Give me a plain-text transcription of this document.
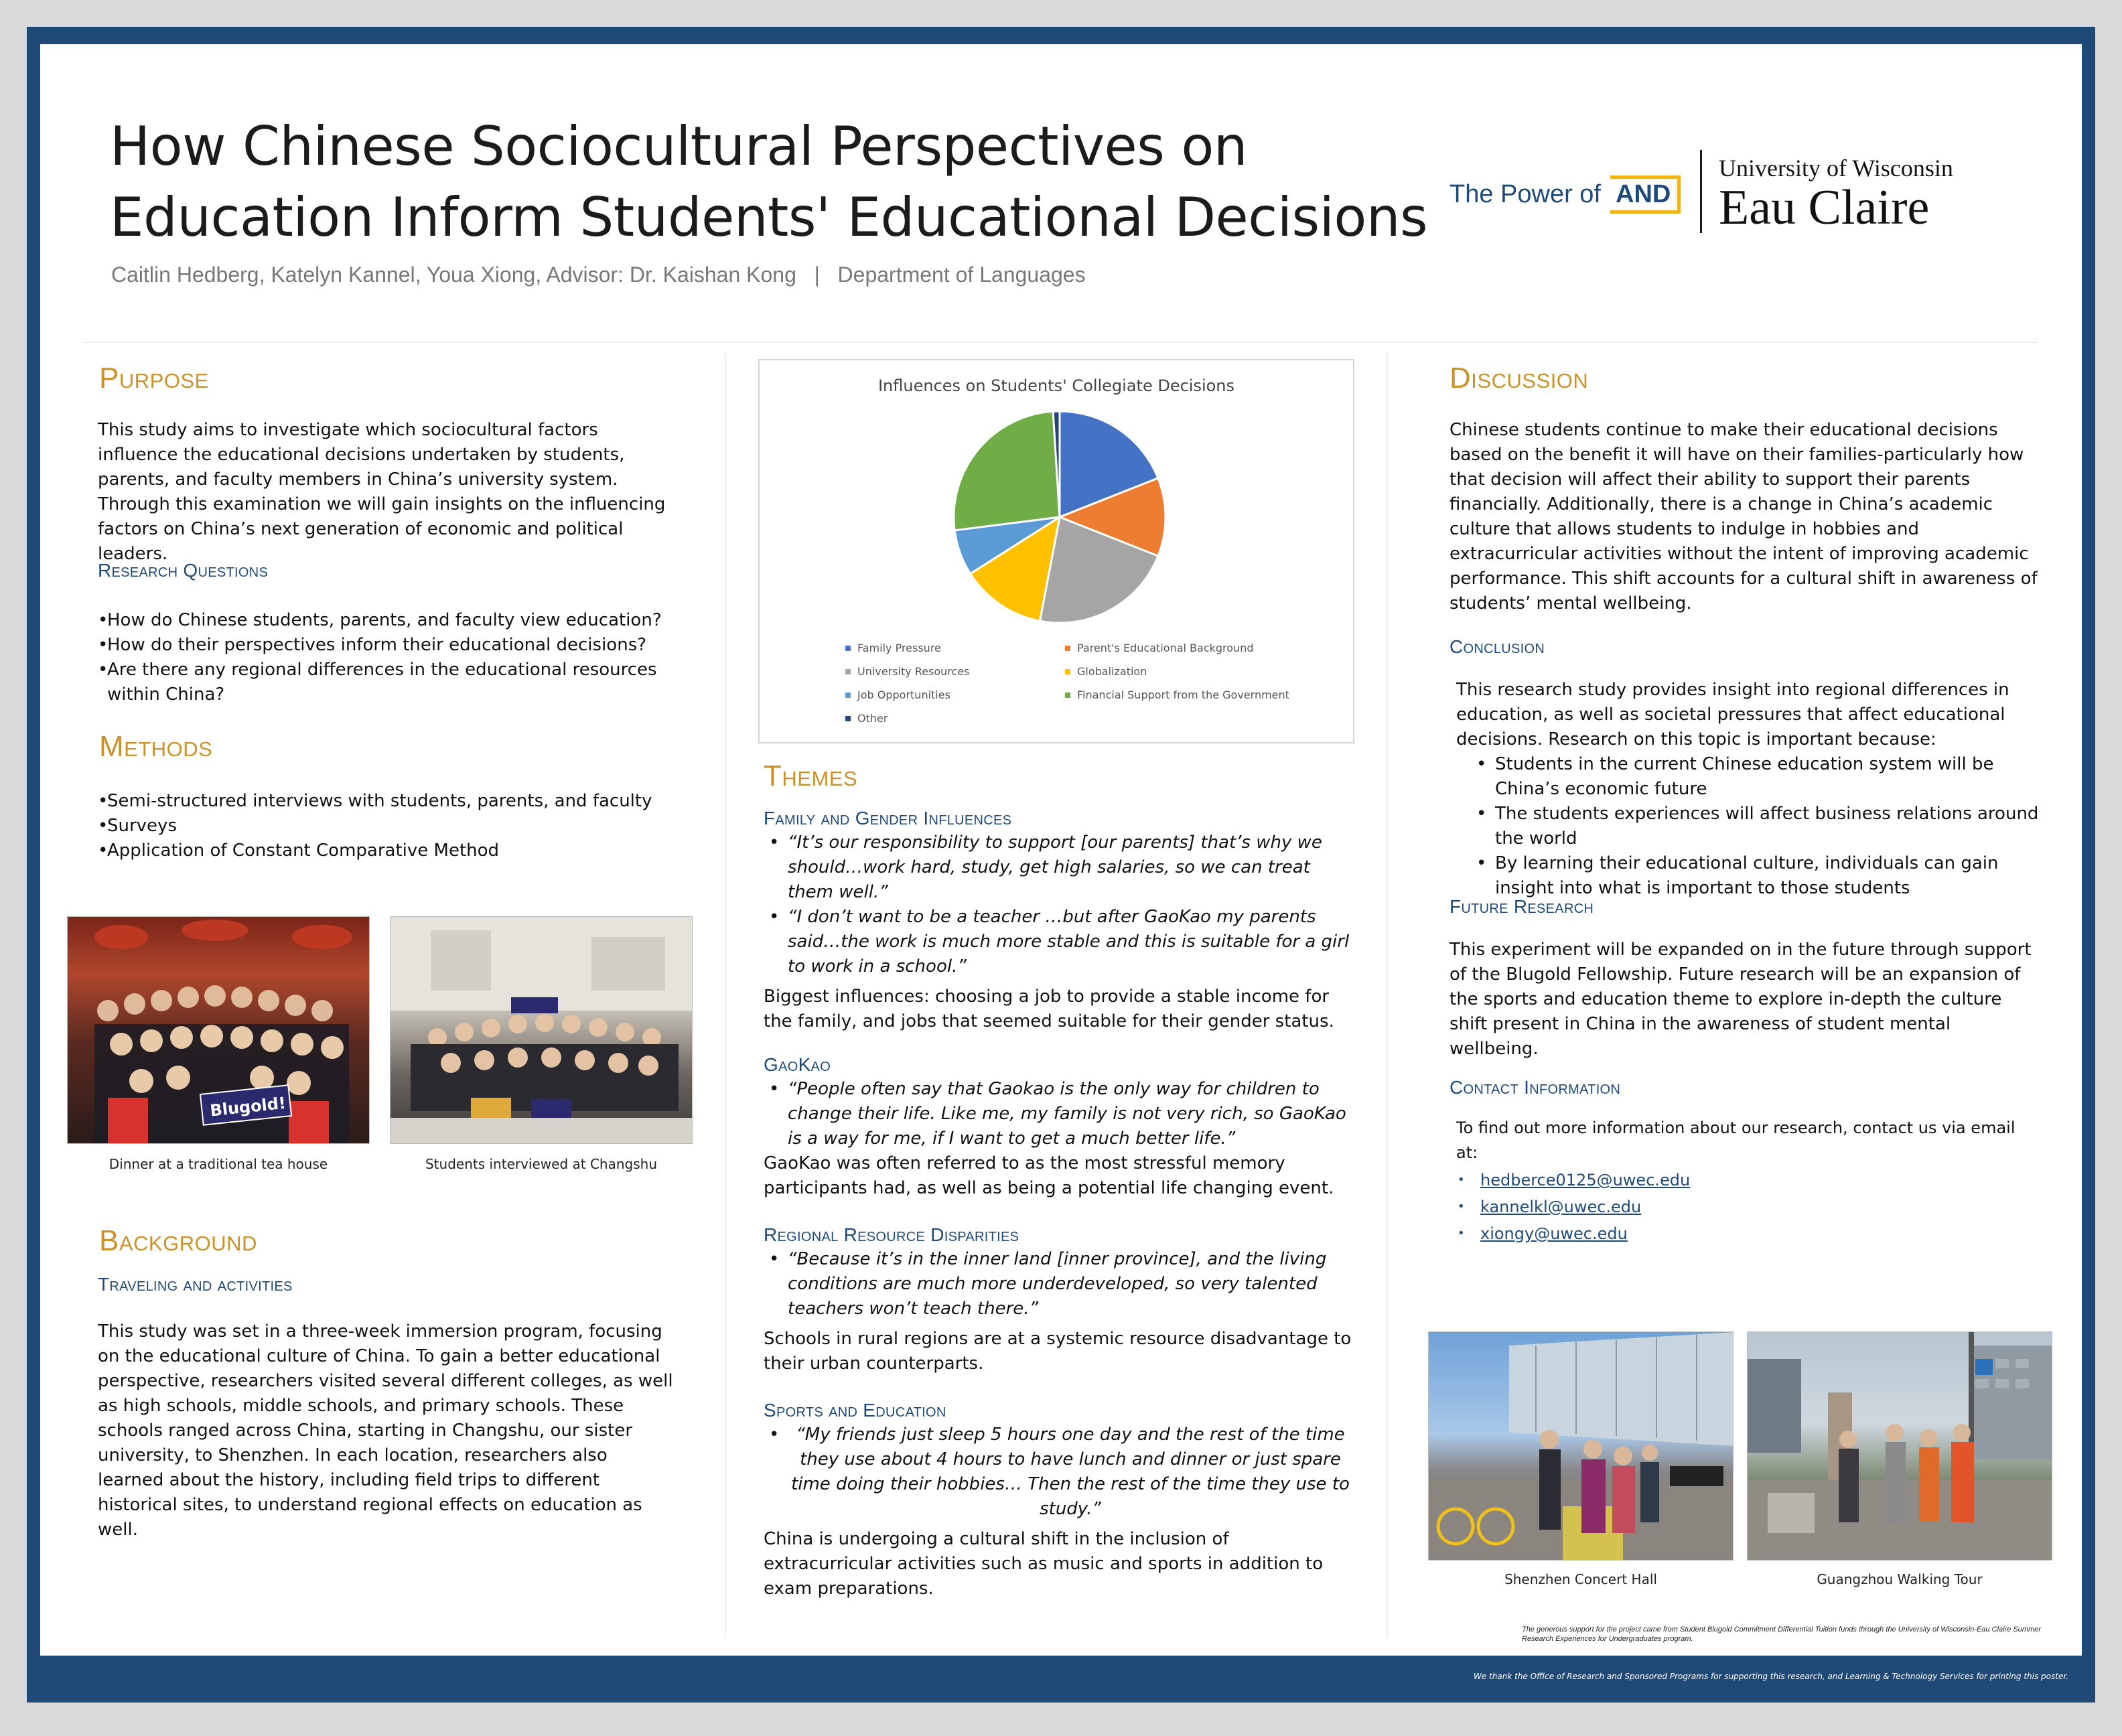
We thank the Office of Research and Sponsored Programs for supporting this research, and Learning & Technology Services for printing this poster.
How Chinese Sociocultural Perspectives on
Education Inform Students' Educational Decisions
Caitlin Hedberg, Katelyn Kannel, Youa Xiong, Advisor: Dr. Kaishan Kong   |   Department of Languages
The Power of AND
University of Wisconsin
Eau Claire
Purpose
This study aims to investigate which sociocultural factors influence the educational decisions undertaken by students, parents, and faculty members in China’s university system. Through this examination we will gain insights on the influencing factors on China’s next generation of economic and political leaders.
Research Questions
•
How do Chinese students, parents, and faculty view education?
•
How do their perspectives inform their educational decisions?
•
Are there any regional differences in the educational resources within China?
Methods
•
Semi-structured interviews with students, parents, and faculty
•
Surveys
•
Application of Constant Comparative Method
Blugold!
Dinner at a traditional tea house	Students interviewed at Changshu
Background
Traveling and activities
This study was set in a three-week immersion program, focusing on the educational culture of China. To gain a better educational perspective, researchers visited several different colleges, as well as high schools, middle schools, and primary schools. These schools ranged across China, starting in Changshu, our sister university, to Shenzhen. In each location, researchers also learned about the history, including field trips to different historical sites, to understand regional effects on education as well.
Influences on Students' Collegiate Decisions
Family Pressure	Parent's Educational Background
University Resources	Globalization
Job Opportunities	Financial Support from the Government
Other
Themes
Family and Gender Influences
• “It’s our responsibility to support [our parents] that’s why we should…work hard, study, get high salaries, so we can treat them well.”
• “I don’t want to be a teacher …but after GaoKao my parents said…the work is much more stable and this is suitable for a girl to work in a school.”
Biggest influences: choosing a job to provide a stable income for the family, and jobs that seemed suitable for their gender status.
GaoKao
• “People often say that Gaokao is the only way for children to change their life. Like me, my family is not very rich, so GaoKao is a way for me, if I want to get a much better life.”
GaoKao was often referred to as the most stressful memory participants had, as well as being a potential life changing event.
Regional Resource Disparities
• “Because it’s in the inner land [inner province], and the living conditions are much more underdeveloped, so very talented teachers won’t teach there.”
Schools in rural regions are at a systemic resource disadvantage to their urban counterparts.
Sports and Education
• “My friends just sleep 5 hours one day and the rest of the time they use about 4 hours to have lunch and dinner or just spare time doing their hobbies… Then the rest of the time they use to study.”
China is undergoing a cultural shift in the inclusion of extracurricular activities such as music and sports in addition to exam preparations.
Discussion
Chinese students continue to make their educational decisions based on the benefit it will have on their families-particularly how that decision will affect their ability to support their parents financially. Additionally, there is a change in China’s academic culture that allows students to indulge in hobbies and extracurricular activities without the intent of improving academic performance. This shift accounts for a cultural shift in awareness of students’ mental wellbeing.
Conclusion
This research study provides insight into regional differences in education, as well as societal pressures that affect educational decisions. Research on this topic is important because:
• Students in the current Chinese education system will be China’s economic future
• The students experiences will affect business relations around the world
• By learning their educational culture, individuals can gain insight into what is important to those students
Future Research
This experiment will be expanded on in the future through support of the Blugold Fellowship. Future research will be an expansion of the sports and education theme to explore in-depth the culture shift present in China in the awareness of student mental wellbeing.
Contact Information
To find out more information about our research, contact us via email at:
• hedberce0125@uwec.edu
• kannelkl@uwec.edu
• xiongy@uwec.edu
Shenzhen Concert Hall	Guangzhou Walking Tour
The generous support for the project came from Student Blugold Commitment Differential Tuition funds through the University of Wisconsin-Eau Claire Summer Research Experiences for Undergraduates program.
